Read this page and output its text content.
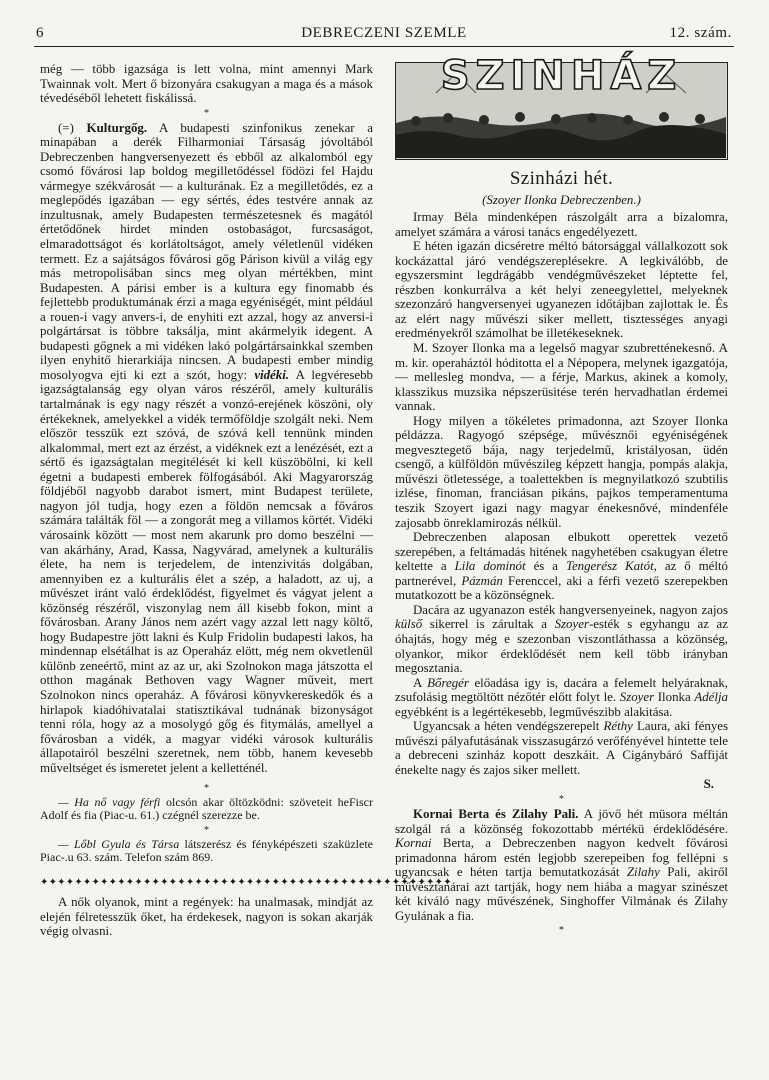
6	DEBRECZENI SZEMLE	12. szám.

még — több igazsága is lett volna, mint amennyi Mark Twainnak volt. Mert ő bizonyára csakugyan a maga és a mások tévedéséből lehetett fiskálissá.

*

(=) Kulturgőg. A budapesti szinfonikus zenekar a minapában a derék Filharmoniai Társaság jóvoltából Debreczenben hangversenyezett és ebből az alkalomból egy csomó fővárosi lap boldog megilletődéssel födözi fel Hajdu vármegye székvárosát — a kulturának. Ez a megilletődés, ez a meglepődés igazában — egy sértés, édes testvére annak az inzultusnak, amely Budapesten természetesnek és magától értetődőnek hirdet minden ostobaságot, furcsaságot, elmaradottságot és korlátoltságot, amely véletlenül vidéken termett. Ez a sajátságos fővárosi gőg Párison kivül a világ egy más metropolisában sincs meg olyan mértékben, mint Budapesten. A párisi ember is a kultura egy finomabb és fejlettebb produktumának érzi a maga egyéniségét, mint például a rouen-i vagy anvers-i, de enyhiti ezt azzal, hogy az anversi-i polgártársat is többre taksálja, mint akármelyik idegent. A budapesti gőgnek a mi vidéken lakó polgártársainkkal szemben ilyen enyhitő hierarkiája nincsen. A budapesti ember mindig mosolyogva ejti ki ezt a szót, hogy: vidéki. A legvéresebb igazságtalanság egy olyan város részéről, amely kulturális tartalmának is egy nagy részét a vonzó-erejének köszöni, oly értékeknek, amelyekkel a vidék termőföldje szolgált neki. Nem először tesszük ezt szóvá, de szóvá kell tennünk minden alkalommal, mert ezt az érzést, a vidéknek ezt a lenézését, ezt a sértő és igazságtalan megitélését ki kell küszöbölni, ki kell égetni a budapesti emberek fölfogásából. Aki Magyarország földjéből nagyobb darabot ismert, mint Budapest területe, nagyon jól tudja, hogy ezen a földön nemcsak a főváros számára találták föl — a zongorát meg a villamos körtét. Vidéki városaink között — most nem akarunk pro domo beszélni — van akárhány, Arad, Kassa, Nagyvárad, amelynek a kulturális élete, ha nem is terjedelem, de intenzivitás dolgában, amennyiben ez a kulturális élet a szép, a haladott, az uj, a művészet iránt való érdeklődést, figyelmet és vágyat jelent a közönség részéről, viszonylag nem áll kisebb fokon, mint a fővárosban. Arany János nem azért vagy azzal lett nagy költő, hogy Budapestre jött lakni és Kulp Fridolin budapesti lakos, ha mindennap elsétálhat is az Operaház elött, még nem okvetlenül különb zeneértő, mint az az ur, aki Szolnokon maga játszotta el otthon magának Bethoven vagy Wagner műveit, mert Szolnokon nincs operaház. A fővárosi könyvkereskedők és a hirlapok kiadóhivatalai statisztikával tudnának bizonyságot tenni róla, hogy az a mosolygó gőg és fitymálás, amellyel a fővárosban a vidék, a magyar vidéki városok kulturális állapotairól beszélni szeretnek, nem több, hanem kevesebb műveltséget és ismeretet jelent a kelletténél.

*

— Ha nő vagy férfi olcsón akar öltözködni: szöveteit heFiscr Adolf és fia (Piac-u. 61.) czégnél szerezze be.

*

— Lőbl Gyula és Társa látszerész és fényképészeti szaküzlete Piac-.u 63. szám. Telefon szám 869.

✦✦✦✦✦✦✦✦✦✦✦✦✦✦✦✦✦✦✦✦✦✦✦✦✦✦✦✦✦✦✦✦✦✦✦✦✦✦✦✦✦✦✦✦✦✦✦✦

A nők olyanok, mint a regények: ha unalmasak, mindját az elején félretesszük őket, ha érdekesek, nagyon is sokan akarják végig olvasni.

SZINHÁZ
Szinházi hét.
(Szoyer Ilonka Debreczenben.)

Irmay Béla mindenképen rászolgált arra a bizalomra, amelyet számára a városi tanács engedélyezett.

E héten igazán dicséretre méltó bátorsággal vállalkozott sok kockázattal járó vendégszereplésekre. A legkiválóbb, de egyszersmint legdrágább vendégművészeket léptette fel, részben konkurrálva a két helyi zeneegylettel, melyeknek szezonzáró hangversenyei ugyanezen időtájban zajlottak le. És az elért nagy művészi siker mellett, tisztességes anyagi eredményekről számolhat be illetékeseknek.

M. Szoyer Ilonka ma a legelső magyar szubretténekesnő. A m. kir. operaháztól hóditotta el a Népopera, melynek igazgatója, — mellesleg mondva, — a férje, Markus, akinek a komoly, klasszikus muzsika népszerüsitése terén hervadhatlan érdemei vannak.

Hogy milyen a tökéletes primadonna, azt Szoyer Ilonka példázza. Ragyogó szépsége, művésznői egyéniségének megvesztegető bája, nagy terjedelmű, kristályosan, üdén csengő, a külföldön művészileg képzett hangja, pompás alakja, művészi ötletessége, a toalettekben is megnyilatkozó szubtilis izlése, finoman, franciásan pikáns, pajkos temperamentuma teszik Szoyert igazi nagy magyar énekesnővé, mindenféle zajosabb önreklamirozás nélkül.

Debreczenben alaposan elbukott operettek vezető szerepében, a feltámadás hitének nagyhetében csakugyan életre keltette a Lila dominót és a Tengerész Katót, az ő méltó partnerével, Pázmán Ferenccel, aki a férfi vezető szerepekben mutatkozott be a közönségnek.

Dacára az ugyanazon esték hangversenyeinek, nagyon zajos külső sikerrel is zárultak a Szoyer-esték s egyhangu az az óhajtás, hogy még e szezonban viszontláthassa a közönség, olyankor, mikor érdeklődését nem kell több irányban megosztania.

A Bőregér előadása igy is, dacára a felemelt helyáraknak, zsufolásig megtöltött nézőtér előtt folyt le. Szoyer Ilonka Adélja egyébként is a legértékesebb, legművészibb alakitása.

Ugyancsak a héten vendégszerepelt Réthy Laura, aki fényes művészi pályafutásának visszasugárzó verőfényével hintette tele a debreceni szinház kopott deszkáit. A Cigánybáró Saffiját énekelte nagy és zajos siker mellett.

S.
*

Kornai Berta és Zilahy Pali. A jövő hét müsora méltán szolgál rá a közönség fokozottabb mértékü érdeklődésére. Kornai Berta, a Debreczenben nagyon kedvelt fővárosi primadonna három estén legjobb szerepeiben fog fellépni s ugyancsak e héten tartja bemutatkozását Zilahy Pali, akiről művésztanárai azt tartják, hogy nem hiába a magyar szinészet két kiváló nagy művészének, Singhoffer Vilmának és Zilahy Gyulának a fia.

*
